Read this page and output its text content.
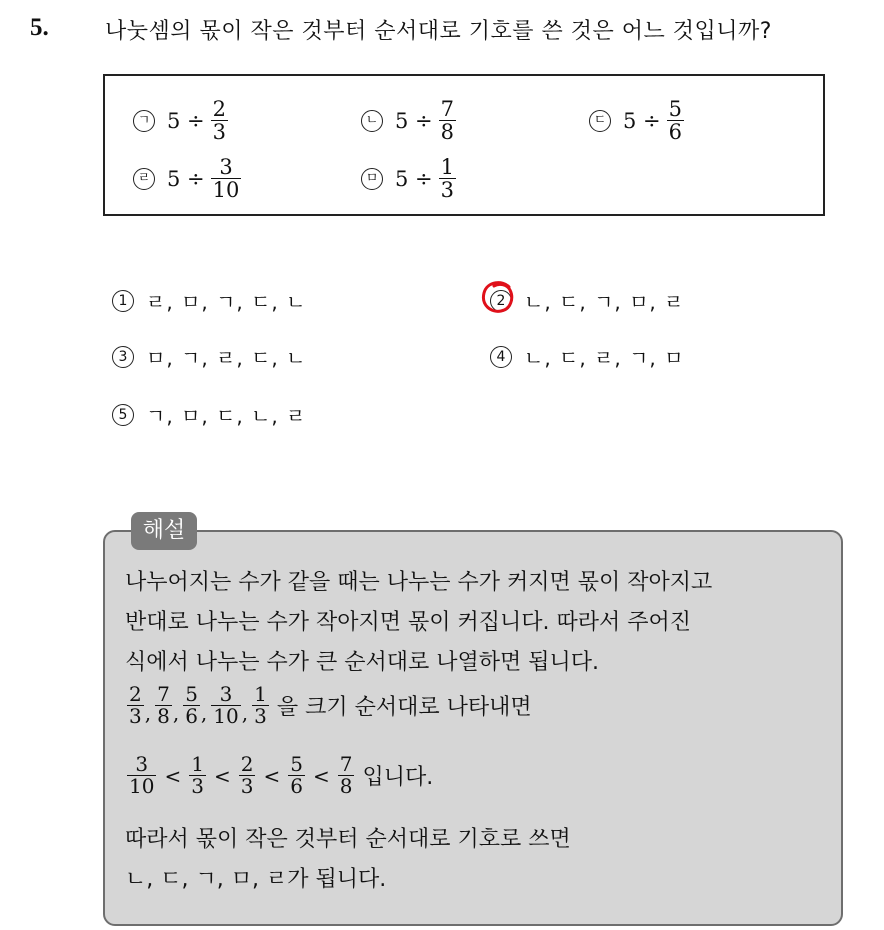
5.	나눗셈의 몫이 작은 것부터 순서대로 기호를 쓴 것은 어느 것입니까?
ㄱ $5 \div \frac{2}{3}$	ㄴ $5 \div \frac{7}{8}$	ㄷ $5 \div \frac{5}{6}$
ㄹ $5 \div \frac{3}{10}$	ㅁ $5 \div \frac{1}{3}$
1 ㄹ, ㅁ, ㄱ, ㄷ, ㄴ	2 ㄴ, ㄷ, ㄱ, ㅁ, ㄹ
3 ㅁ, ㄱ, ㄹ, ㄷ, ㄴ	4 ㄴ, ㄷ, ㄹ, ㄱ, ㅁ
5 ㄱ, ㅁ, ㄷ, ㄴ, ㄹ
해설
나누어지는 수가 같을 때는 나누는 수가 커지면 몫이 작아지고
반대로 나누는 수가 작아지면 몫이 커집니다. 따라서 주어진
식에서 나누는 수가 큰 순서대로 나열하면 됩니다.
$\frac{2}{3}$ , $\frac{7}{8}$ , $\frac{5}{6}$ , $\frac{3}{10}$ , $\frac{1}{3}$ 을 크기 순서대로 나타내면
$\frac{3}{10} < \frac{1}{3} < \frac{2}{3} < \frac{5}{6} < \frac{7}{8}$ 입니다.
따라서 몫이 작은 것부터 순서대로 기호로 쓰면
ㄴ, ㄷ, ㄱ, ㅁ, ㄹ가 됩니다.
